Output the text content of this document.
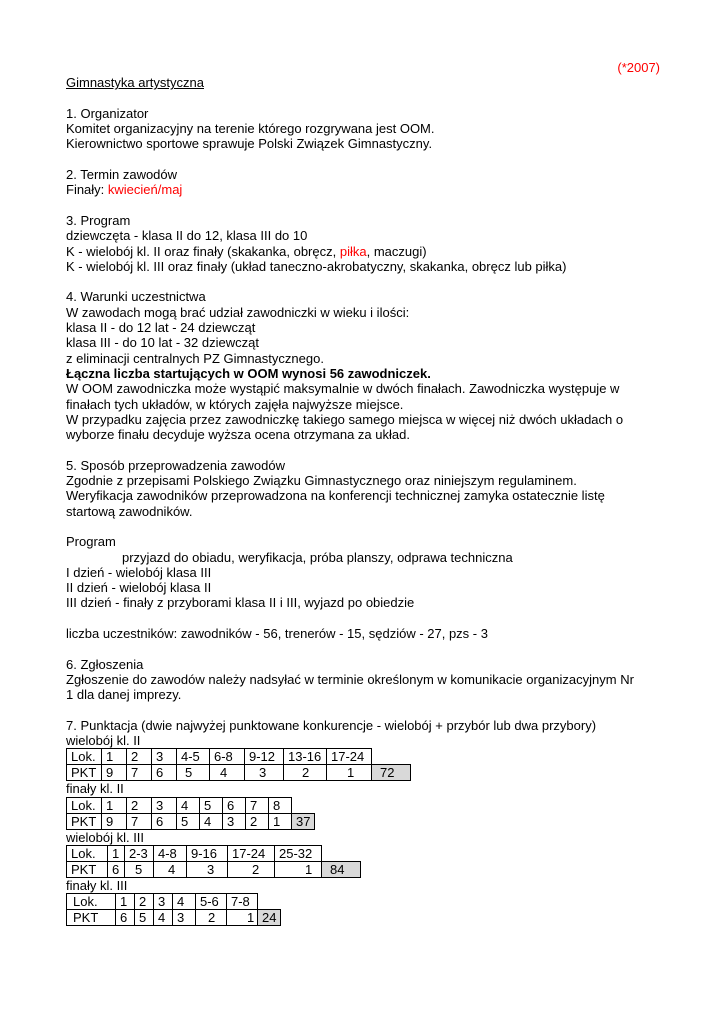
(*2007)
Gimnastyka artystyczna
1. Organizator
Komitet organizacyjny na terenie którego rozgrywana jest OOM.
Kierownictwo sportowe sprawuje Polski Związek Gimnastyczny.
2. Termin zawodów
Finały: kwiecień/maj
3. Program
dziewczęta - klasa II do 12, klasa III do 10
K - wielobój kl. II oraz finały (skakanka, obręcz, piłka, maczugi)
K - wielobój kl. III oraz finały (układ taneczno-akrobatyczny, skakanka, obręcz lub piłka)
4. Warunki uczestnictwa
W zawodach mogą brać udział zawodniczki w wieku i ilości:
klasa II - do 12 lat - 24 dziewcząt
klasa III - do 10 lat - 32 dziewcząt
z eliminacji centralnych PZ Gimnastycznego.
Łączna liczba startujących w OOM wynosi 56 zawodniczek.
W OOM zawodniczka może wystąpić maksymalnie w dwóch finałach. Zawodniczka występuje w
finałach tych układów, w których zajęła najwyższe miejsce.
W przypadku zajęcia przez zawodniczkę takiego samego miejsca w więcej niż dwóch układach o
wyborze finału decyduje wyższa ocena otrzymana za układ.
5. Sposób przeprowadzenia zawodów
Zgodnie z przepisami Polskiego Związku Gimnastycznego oraz niniejszym regulaminem.
Weryfikacja zawodników przeprowadzona na konferencji technicznej zamyka ostatecznie listę
startową zawodników.
Program
przyjazd do obiadu, weryfikacja, próba planszy, odprawa techniczna
I dzień - wielobój klasa III
II dzień - wielobój klasa II
III dzień - finały z przyborami klasa II i III, wyjazd po obiedzie
liczba uczestników: zawodników - 56, trenerów - 15, sędziów - 27, pzs - 3
6. Zgłoszenia
Zgłoszenie do zawodów należy nadsyłać w terminie określonym w komunikacie organizacyjnym Nr
1 dla danej imprezy.
7. Punktacja (dwie najwyżej punktowane konkurencje - wielobój + przybór lub dwa przybory)
wielobój kl. II
Lok.	1	2	3	4-5	6-8	9-12	13-16	17-24	
PKT	9	7	6	5	4	3	2	1	72
finały kl. II
Lok.	1	2	3	4	5	6	7	8	
PKT	9	7	6	5	4	3	2	1	37
wielobój kl. III
Lok.	1	2-3	4-8	9-16	17-24	25-32	
PKT	6	5	4	3	2	1	84
finały kl. III
Lok.	1	2	3	4	5-6	7-8	
PKT	6	5	4	3	2	1	24
